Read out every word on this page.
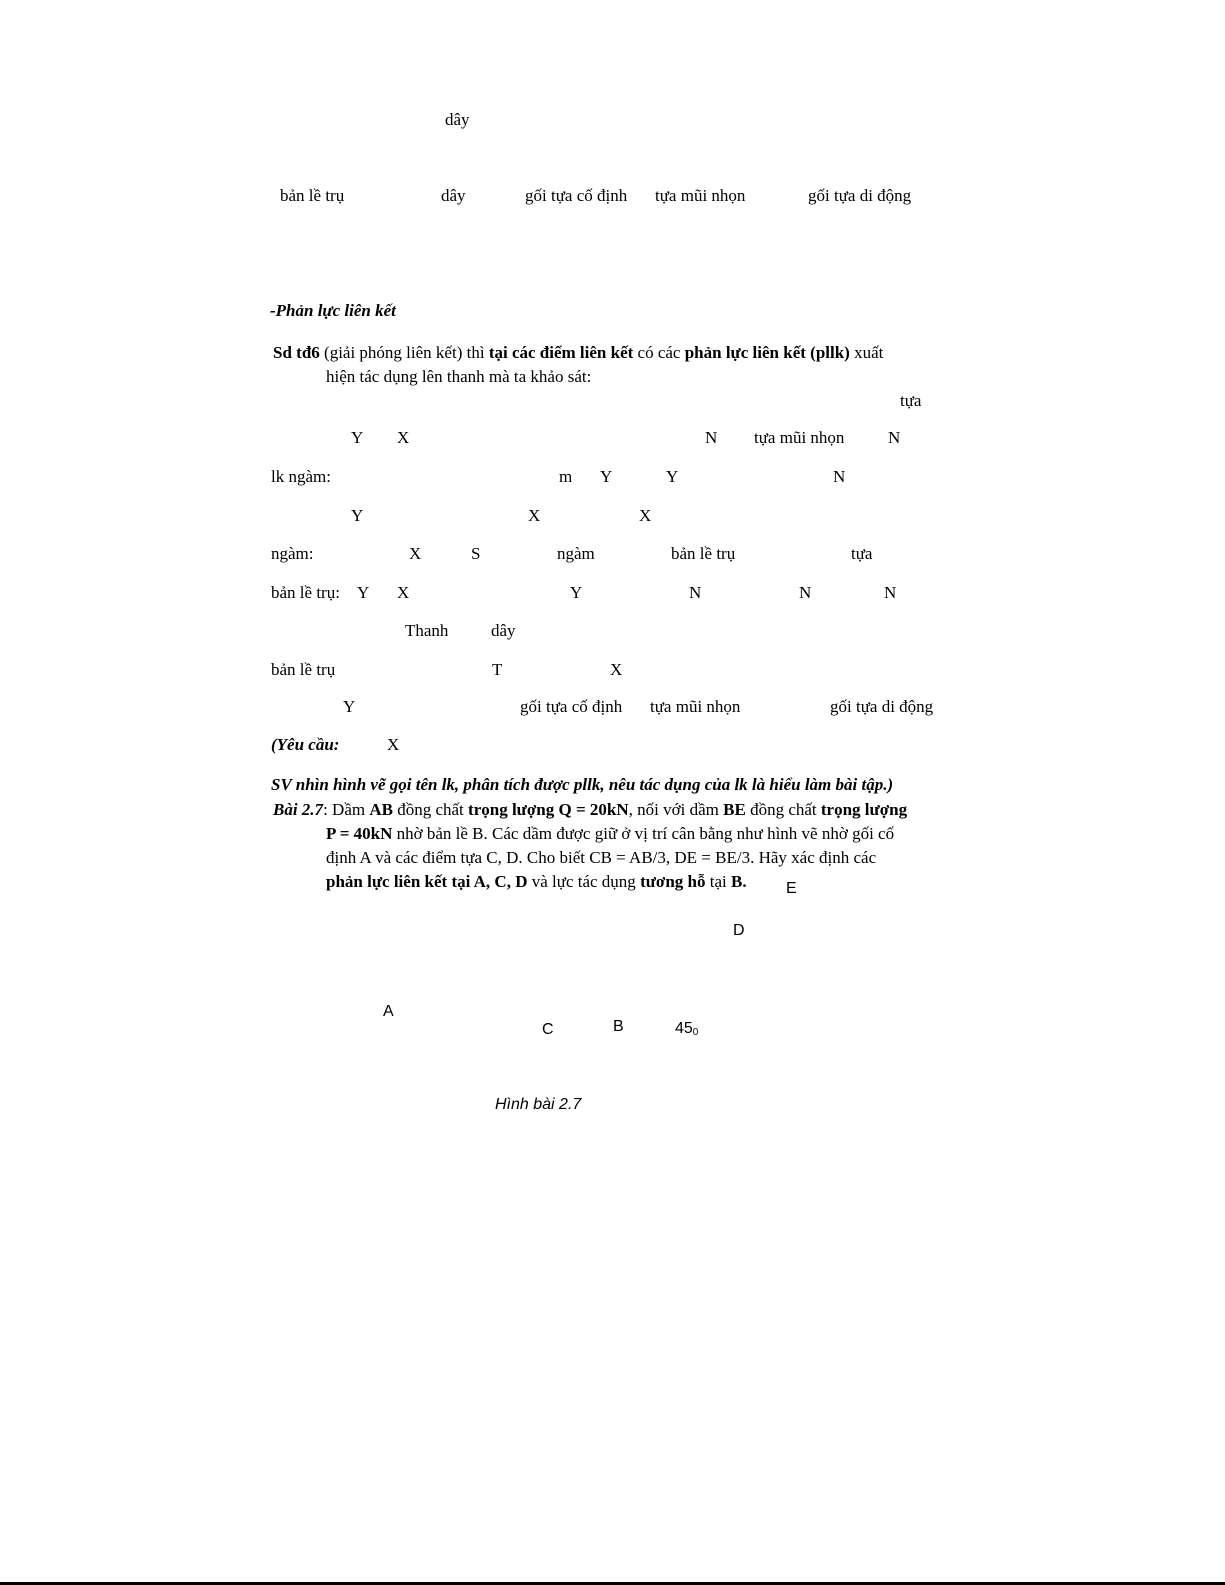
dây
bản lề trụ	dây	gối tựa cố định tựa mũi nhọn	gối tựa di động
-Phản lực liên kết
Sd tđ6 (giải phóng liên kết) thì tại các điểm liên kết có các phản lực liên kết (pllk) xuất
hiện tác dụng lên thanh mà ta khảo sát:
tựa
Y X	N tựa mũi nhọn	N
lk ngàm:	m Y	Y	N
Y	X	X
ngàm:	X	S	ngàm	bản lề trụ	tựa
bản lề trụ: Y X	Y	N	N	N
Thanh	dây
bản lề trụ	T	X
Y	gối tựa cố định tựa mũi nhọn	gối tựa di động
(Yêu cầu:	X
SV nhìn hình vẽ gọi tên lk, phân tích được pllk, nêu tác dụng của lk là hiểu làm bài tập.)
Bài 2.7: Dầm AB đồng chất trọng lượng Q = 20kN, nối với dầm BE đồng chất trọng lượng
P = 40kN nhờ bản lề B. Các dầm được giữ ở vị trí cân bằng như hình vẽ nhờ gối cố
định A và các điểm tựa C, D. Cho biết CB = AB/3, DE = BE/3. Hãy xác định các
phản lực liên kết tại A, C, D và lực tác dụng tương hỗ tại B.	E
D
A
C	B	$45_0$
Hình bài 2.7
